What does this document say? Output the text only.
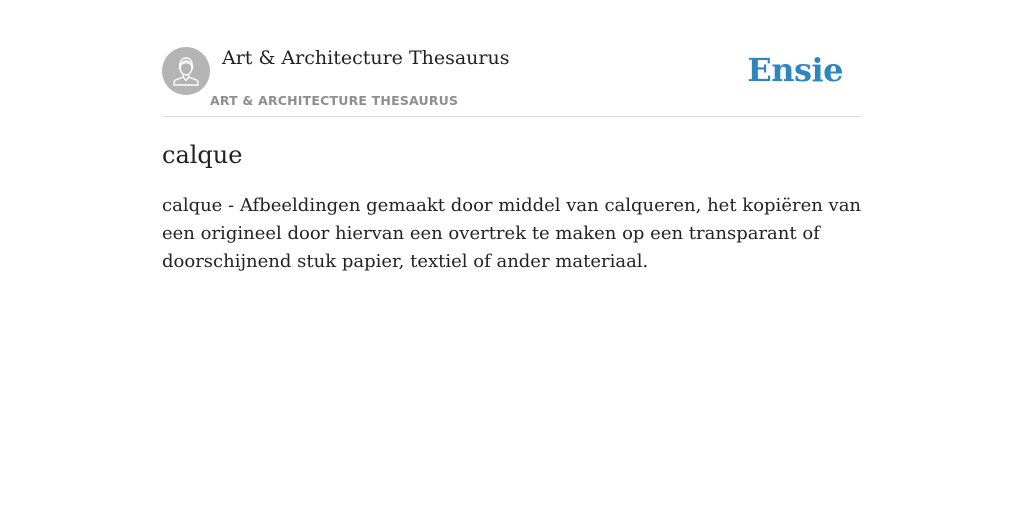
Art & Architecture Thesaurus
ART & ARCHITECTURE THESAURUS
Ensie
calque

calque - Afbeeldingen gemaakt door middel van calqueren, het kopiëren van een origineel door hiervan een overtrek te maken op een transparant of doorschijnend stuk papier, textiel of ander materiaal.
